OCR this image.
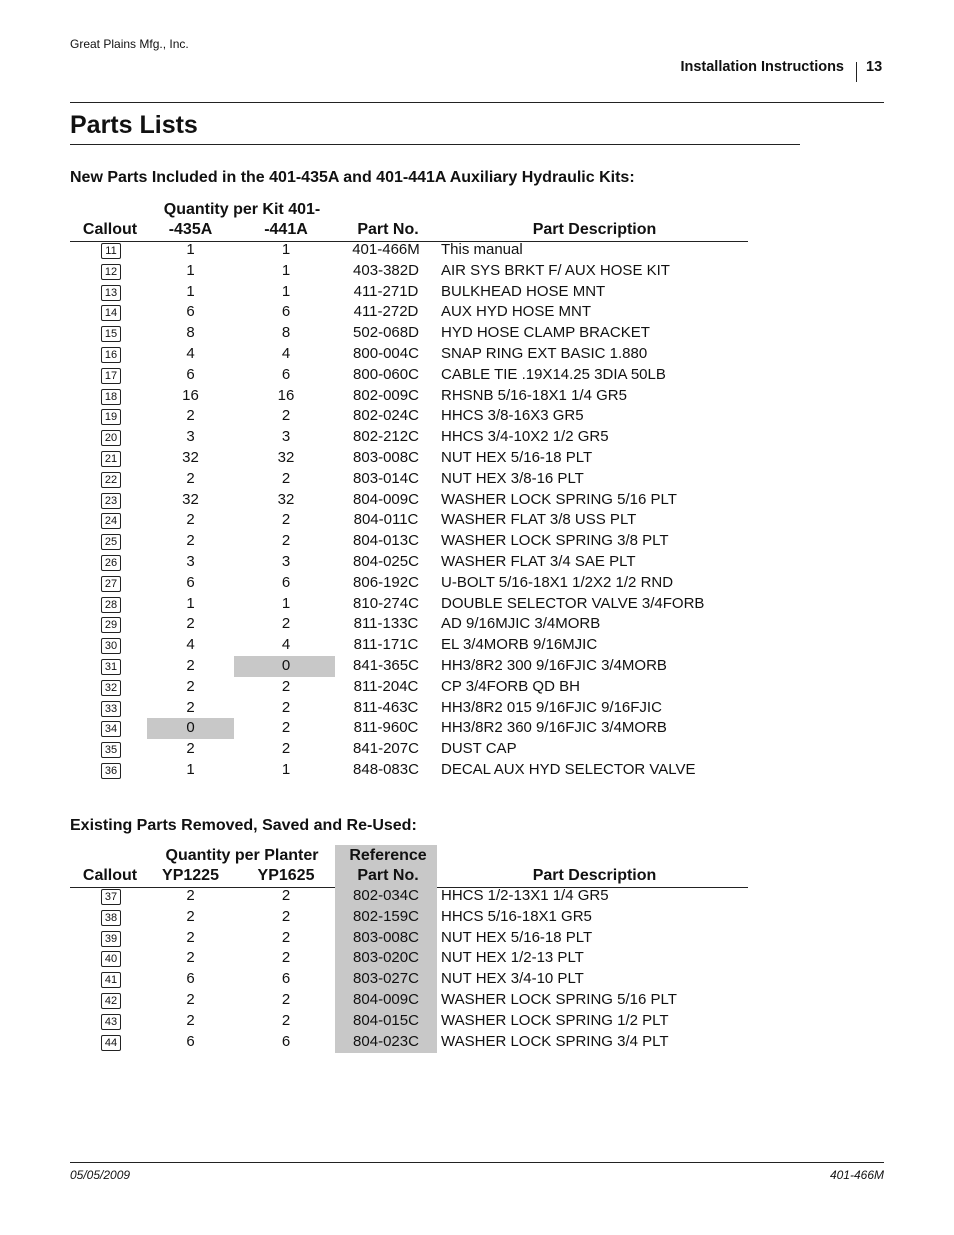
Great Plains Mfg., Inc.
Installation Instructions 13
Parts Lists
New Parts Included in the 401-435A and 401-441A Auxiliary Hydraulic Kits:
Callout
Quantity per Kit 401-
-435A	-441A	Part No.	Part Description
11	1	1	401-466M	This manual
12	1	1	403-382D	AIR SYS BRKT F/ AUX HOSE KIT
13	1	1	411-271D	BULKHEAD HOSE MNT
14	6	6	411-272D	AUX HYD HOSE MNT
15	8	8	502-068D	HYD HOSE CLAMP BRACKET
16	4	4	800-004C	SNAP RING EXT BASIC 1.880
17	6	6	800-060C	CABLE TIE .19X14.25 3DIA 50LB
18	16	16	802-009C	RHSNB 5/16-18X1 1/4 GR5
19	2	2	802-024C	HHCS 3/8-16X3 GR5
20	3	3	802-212C	HHCS 3/4-10X2 1/2 GR5
21	32	32	803-008C	NUT HEX 5/16-18 PLT
22	2	2	803-014C	NUT HEX 3/8-16 PLT
23	32	32	804-009C	WASHER LOCK SPRING 5/16 PLT
24	2	2	804-011C	WASHER FLAT 3/8 USS PLT
25	2	2	804-013C	WASHER LOCK SPRING 3/8 PLT
26	3	3	804-025C	WASHER FLAT 3/4 SAE PLT
27	6	6	806-192C	U-BOLT 5/16-18X1 1/2X2 1/2 RND
28	1	1	810-274C	DOUBLE SELECTOR VALVE 3/4FORB
29	2	2	811-133C	AD 9/16MJIC 3/4MORB
30	4	4	811-171C	EL 3/4MORB 9/16MJIC
31	2	0	841-365C	HH3/8R2 300 9/16FJIC 3/4MORB
32	2	2	811-204C	CP 3/4FORB QD BH
33	2	2	811-463C	HH3/8R2 015 9/16FJIC 9/16FJIC
34	0	2	811-960C	HH3/8R2 360 9/16FJIC 3/4MORB
35	2	2	841-207C	DUST CAP
36	1	1	848-083C	DECAL AUX HYD SELECTOR VALVE
Existing Parts Removed, Saved and Re-Used:
Callout
Quantity per Planter
YP1225	YP1625
Reference
Part No.	Part Description
37	2	2	802-034C	HHCS 1/2-13X1 1/4 GR5
38	2	2	802-159C	HHCS 5/16-18X1 GR5
39	2	2	803-008C	NUT HEX 5/16-18 PLT
40	2	2	803-020C	NUT HEX 1/2-13 PLT
41	6	6	803-027C	NUT HEX 3/4-10 PLT
42	2	2	804-009C	WASHER LOCK SPRING 5/16 PLT
43	2	2	804-015C	WASHER LOCK SPRING 1/2 PLT
44	6	6	804-023C	WASHER LOCK SPRING 3/4 PLT
05/05/2009	401-466M
